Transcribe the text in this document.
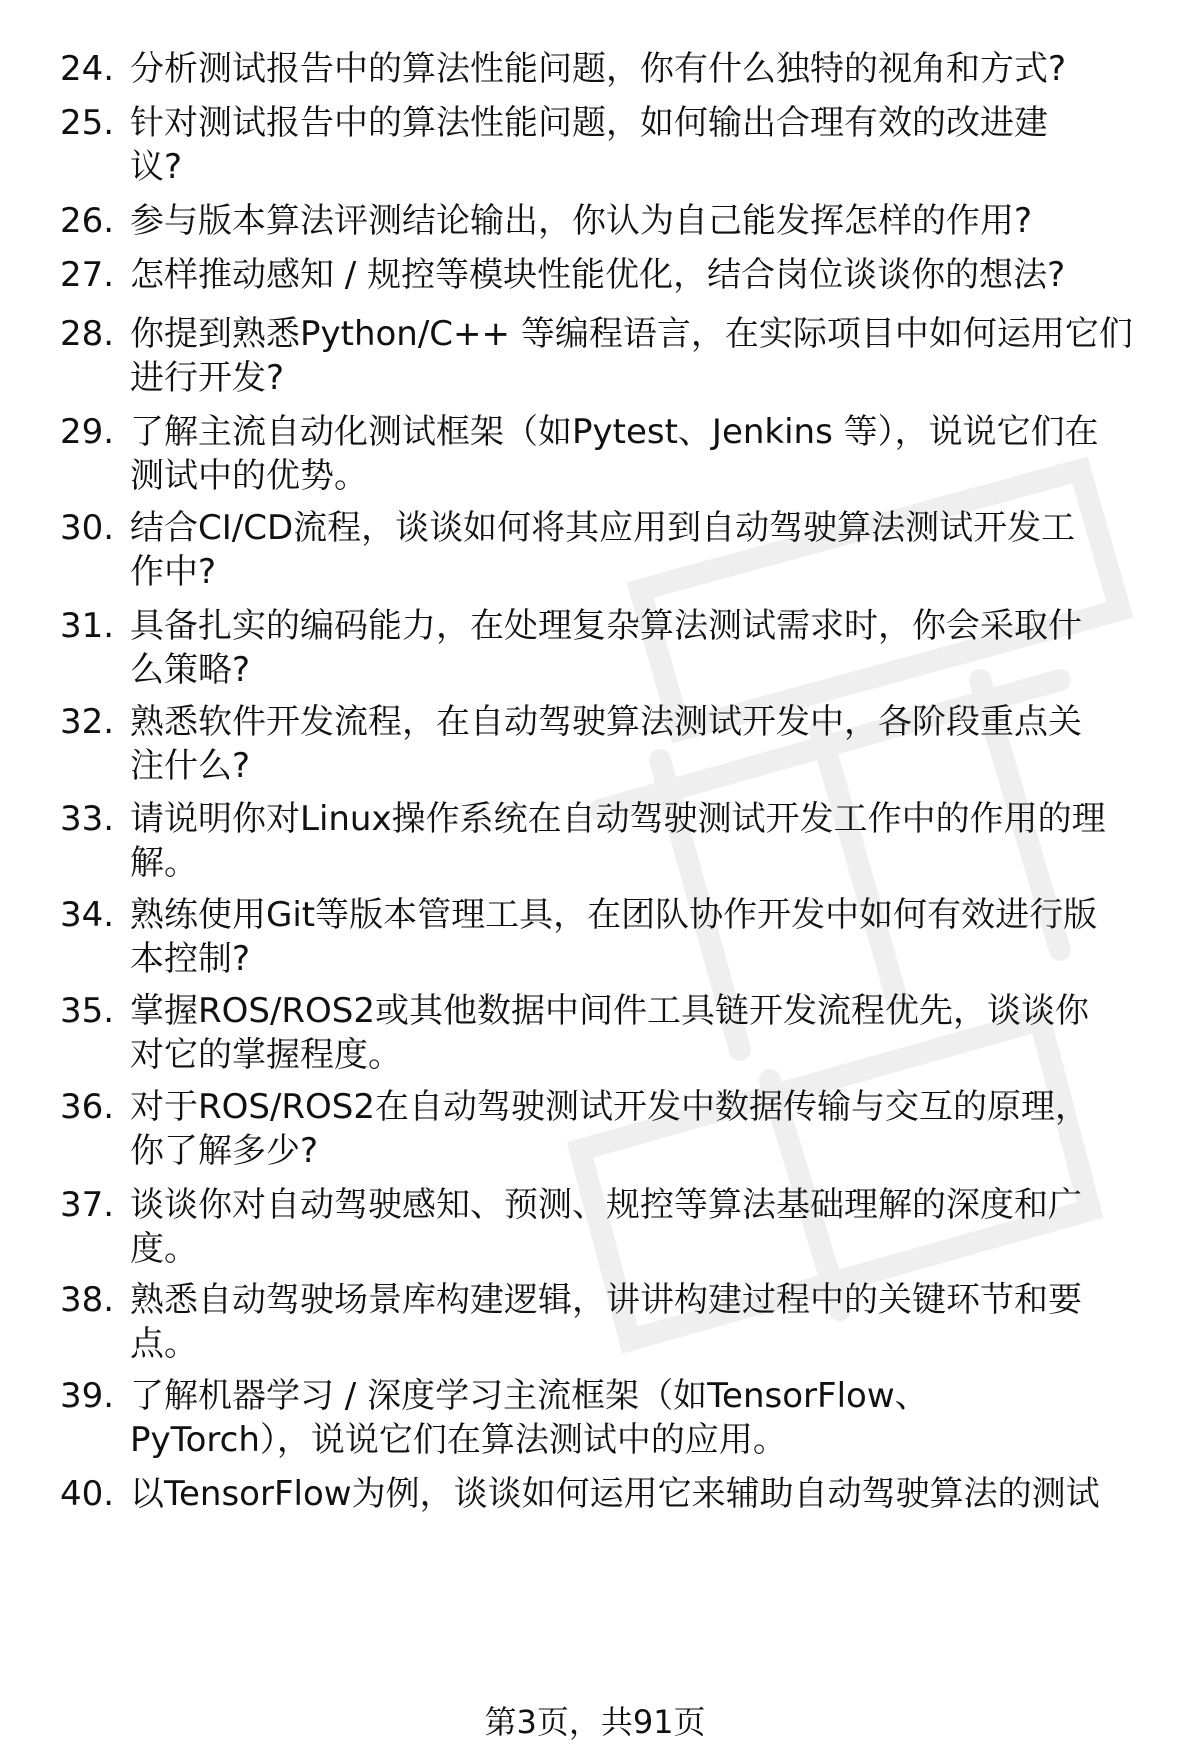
24. 分析测试报告中的算法性能问题，你有什么独特的视角和方式?
25. 针对测试报告中的算法性能问题，如何输出合理有效的改进建
议?
26. 参与版本算法评测结论输出，你认为自己能发挥怎样的作用?
27. 怎样推动感知 / 规控等模块性能优化，结合岗位谈谈你的想法?
28. 你提到熟悉Python/C++ 等编程语言，在实际项目中如何运用它们
进行开发?
29. 了解主流自动化测试框架（如Pytest、Jenkins 等），说说它们在
测试中的优势。
30. 结合CI/CD流程，谈谈如何将其应用到自动驾驶算法测试开发工
作中?
31. 具备扎实的编码能力，在处理复杂算法测试需求时，你会采取什
么策略?
32. 熟悉软件开发流程，在自动驾驶算法测试开发中，各阶段重点关
注什么?
33. 请说明你对Linux操作系统在自动驾驶测试开发工作中的作用的理
解。
34. 熟练使用Git等版本管理工具，在团队协作开发中如何有效进行版
本控制?
35. 掌握ROS/ROS2或其他数据中间件工具链开发流程优先，谈谈你
对它的掌握程度。
36. 对于ROS/ROS2在自动驾驶测试开发中数据传输与交互的原理，
你了解多少?
37. 谈谈你对自动驾驶感知、预测、规控等算法基础理解的深度和广
度。
38. 熟悉自动驾驶场景库构建逻辑，讲讲构建过程中的关键环节和要
点。
39. 了解机器学习 / 深度学习主流框架（如TensorFlow、
PyTorch），说说它们在算法测试中的应用。
40. 以TensorFlow为例，谈谈如何运用它来辅助自动驾驶算法的测试
第3页，共91页
